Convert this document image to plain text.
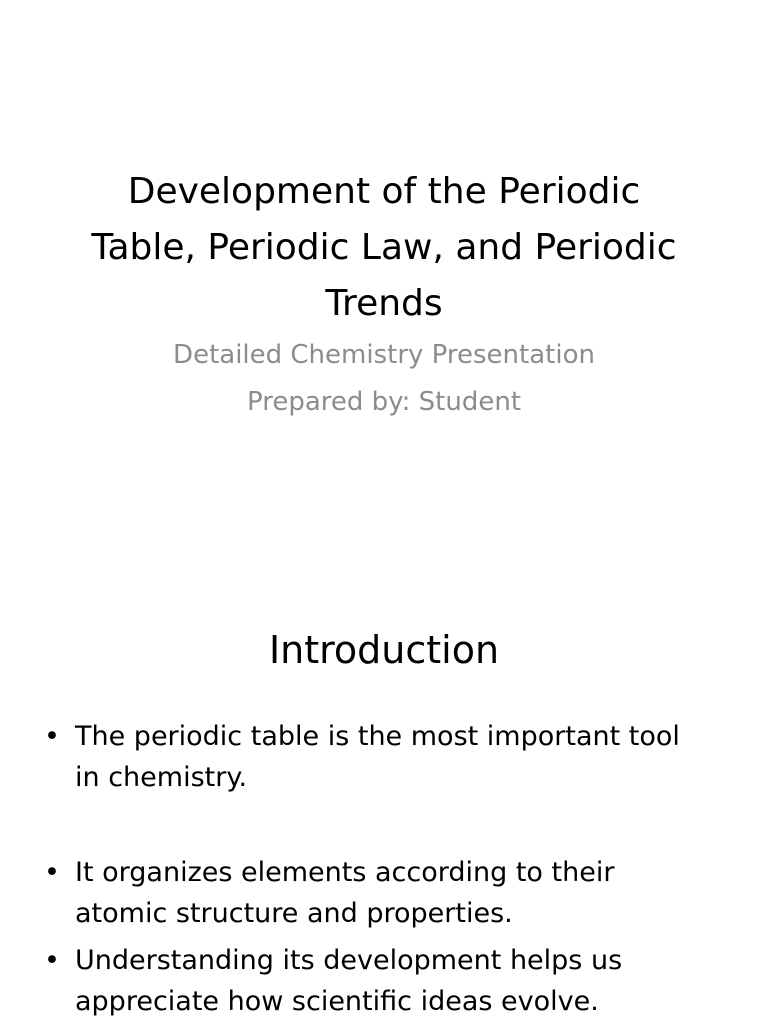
Development of the Periodic
Table, Periodic Law, and Periodic
Trends
Detailed Chemistry Presentation
Prepared by: Student
Introduction
• The periodic table is the most important tool
in chemistry.
• It organizes elements according to their
atomic structure and properties.
• Understanding its development helps us
appreciate how scientific ideas evolve.
